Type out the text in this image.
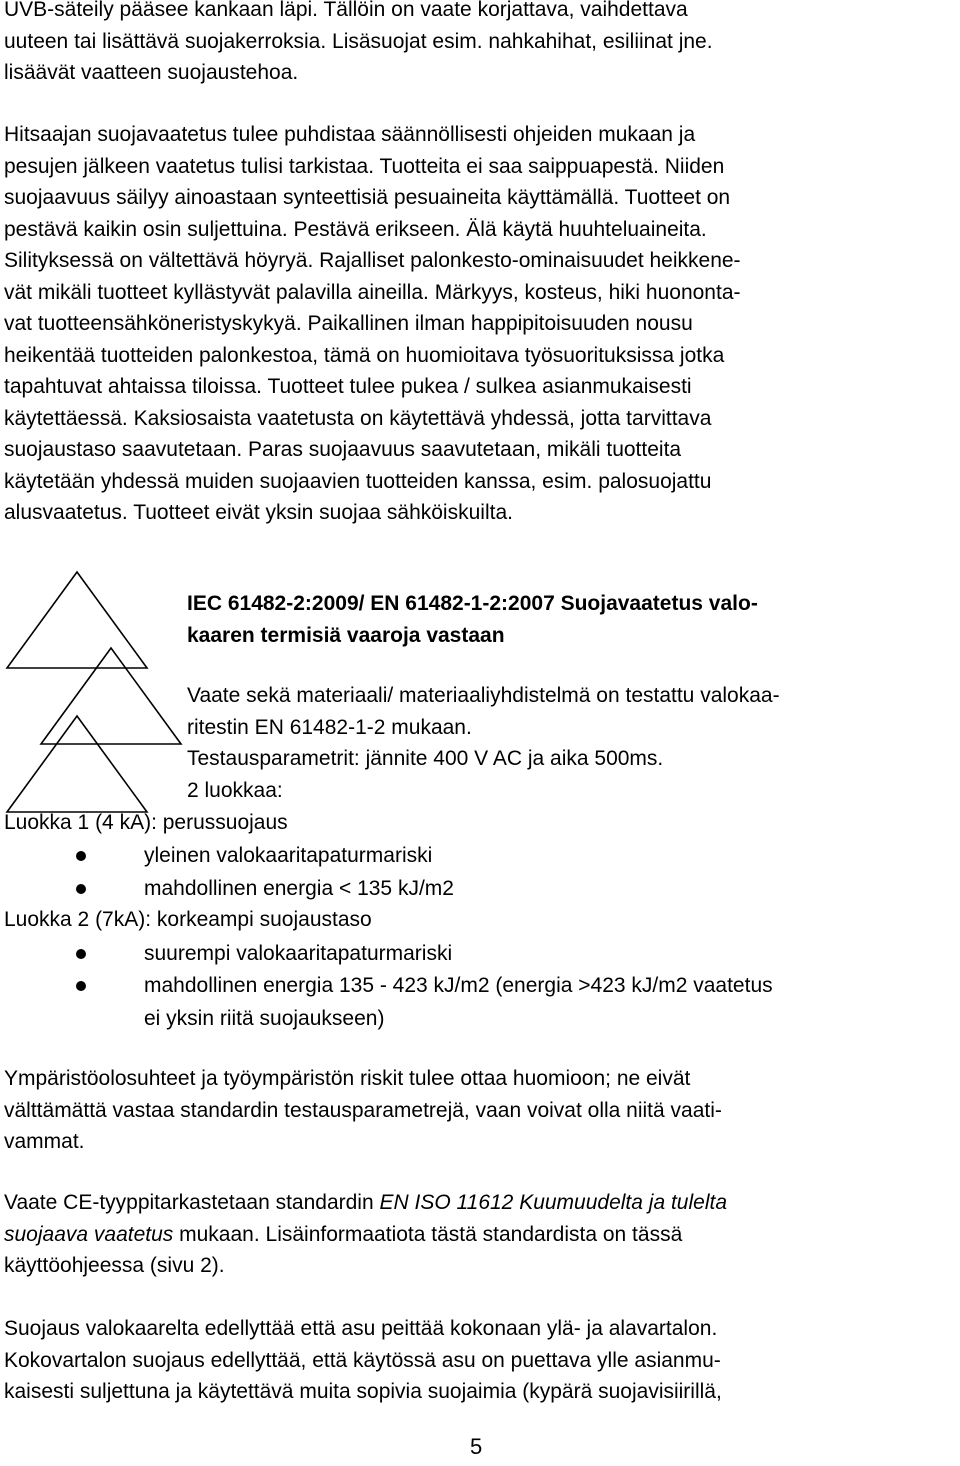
UVB-säteily pääsee kankaan läpi. Tällöin on vaate korjattava, vaihdettava
uuteen tai lisättävä suojakerroksia. Lisäsuojat esim. nahkahihat, esiliinat jne.
lisäävät vaatteen suojaustehoa.
Hitsaajan suojavaatetus tulee puhdistaa säännöllisesti ohjeiden mukaan ja
pesujen jälkeen vaatetus tulisi tarkistaa. Tuotteita ei saa saippuapestä. Niiden
suojaavuus säilyy ainoastaan synteettisiä pesuaineita käyttämällä. Tuotteet on
pestävä kaikin osin suljettuina. Pestävä erikseen. Älä käytä huuhteluaineita.
Silityksessä on vältettävä höyryä. Rajalliset palonkesto-ominaisuudet heikkene-
vät mikäli tuotteet kyllästyvät palavilla aineilla. Märkyys, kosteus, hiki huononta-
vat tuotteensähköneristyskykyä. Paikallinen ilman happipitoisuuden nousu
heikentää tuotteiden palonkestoa, tämä on huomioitava työsuorituksissa jotka
tapahtuvat ahtaissa tiloissa. Tuotteet tulee pukea / sulkea asianmukaisesti
käytettäessä. Kaksiosaista vaatetusta on käytettävä yhdessä, jotta tarvittava
suojaustaso saavutetaan. Paras suojaavuus saavutetaan, mikäli tuotteita
käytetään yhdessä muiden suojaavien tuotteiden kanssa, esim. palosuojattu
alusvaatetus. Tuotteet eivät yksin suojaa sähköiskuilta.
IEC 61482-2:2009/ EN 61482-1-2:2007 Suojavaatetus valo-
kaaren termisiä vaaroja vastaan
Vaate sekä materiaali/ materiaaliyhdistelmä on testattu valokaa-
ritestin EN 61482-1-2 mukaan.
Testausparametrit: jännite 400 V AC ja aika 500ms.
2 luokkaa:

Luokka 1 (4 kA): perussuojaus

yleinen valokaaritapaturmariski

mahdollinen energia < 135 kJ/m2

Luokka 2 (7kA): korkeampi suojaustaso

suurempi valokaaritapaturmariski

mahdollinen energia 135 - 423 kJ/m2 (energia >423 kJ/m2 vaatetus

ei yksin riitä suojaukseen)

Ympäristöolosuhteet ja työympäristön riskit tulee ottaa huomioon; ne eivät
välttämättä vastaa standardin testausparametrejä, vaan voivat olla niitä vaati-
vammat.
Vaate CE-tyyppitarkastetaan standardin EN ISO 11612 Kuumuudelta ja tulelta
suojaava vaatetus mukaan. Lisäinformaatiota tästä standardista on tässä
käyttöohjeessa (sivu 2).
Suojaus valokaarelta edellyttää että asu peittää kokonaan ylä- ja alavartalon.
Kokovartalon suojaus edellyttää, että käytössä asu on puettava ylle asianmu-
kaisesti suljettuna ja käytettävä muita sopivia suojaimia (kypärä suojavisiirillä,
5
